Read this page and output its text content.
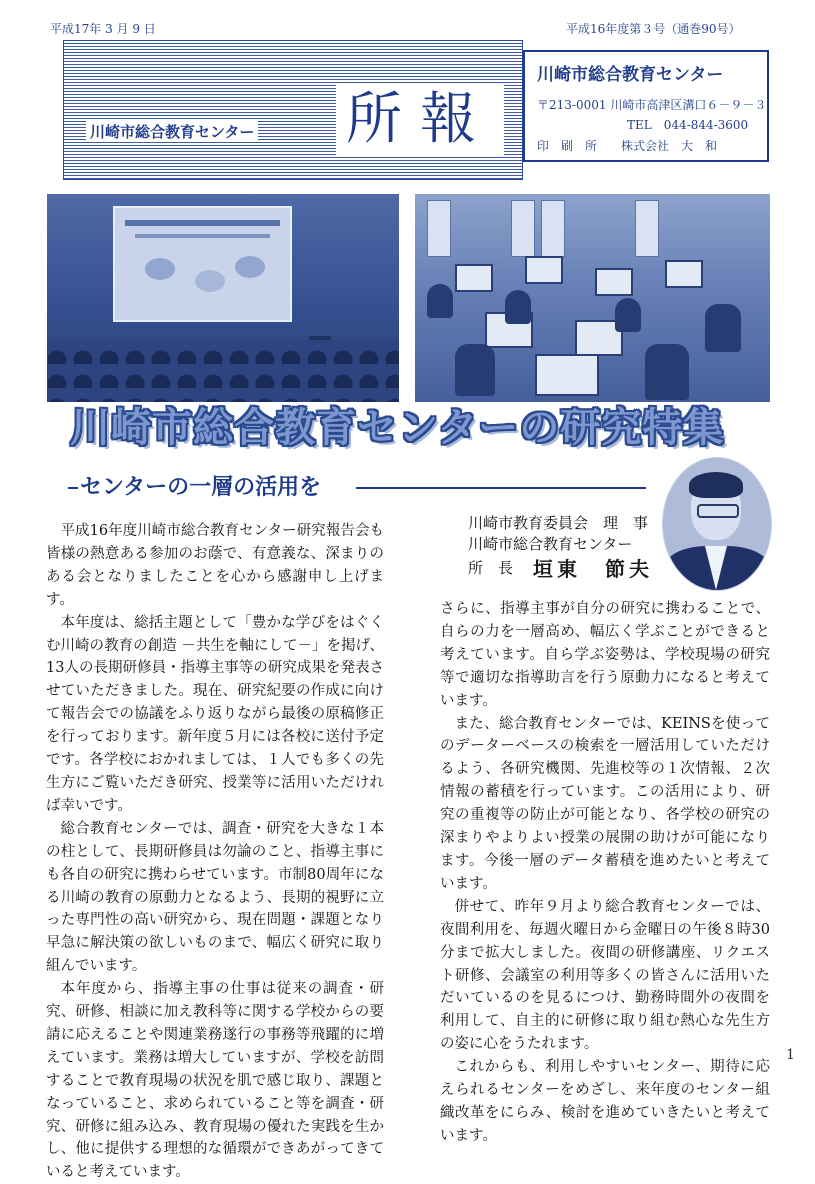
平成17年 3 月 9 日	平成16年度第３号（通巻90号）
川崎市総合教育センター 所報
川崎市総合教育センター
〒213-0001 川崎市高津区溝口６－９－３
TEL　044-844-3600
印　刷　所　　株式会社　大　和
川崎市総合教育センターの研究特集
センターの一層の活用を
川崎市教育委員会　理　事
川崎市総合教育センター
所　長 垣東　節夫

平成16年度川崎市総合教育センター研究報告会も皆様の熱意ある参加のお蔭で、有意義な、深まりのある会となりましたことを心から感謝申し上げます。

本年度は、総括主題として「豊かな学びをはぐくむ川崎の教育の創造 －共生を軸にして－」を掲げ、13人の長期研修員・指導主事等の研究成果を発表させていただきました。現在、研究紀要の作成に向けて報告会での協議をふり返りながら最後の原稿修正を行っております。新年度５月には各校に送付予定です。各学校におかれましては、１人でも多くの先生方にご覧いただき研究、授業等に活用いただければ幸いです。

総合教育センターでは、調査・研究を大きな１本の柱として、長期研修員は勿論のこと、指導主事にも各自の研究に携わらせています。市制80周年になる川崎の教育の原動力となるよう、長期的視野に立った専門性の高い研究から、現在問題・課題となり早急に解決策の欲しいものまで、幅広く研究に取り組んでいます。

本年度から、指導主事の仕事は従来の調査・研究、研修、相談に加え教科等に関する学校からの要請に応えることや関連業務遂行の事務等飛躍的に増えています。業務は増大していますが、学校を訪問することで教育現場の状況を肌で感じ取り、課題となっていること、求められていること等を調査・研究、研修に組み込み、教育現場の優れた実践を生かし、他に提供する理想的な循環ができあがってきていると考えています。

さらに、指導主事が自分の研究に携わることで、自らの力を一層高め、幅広く学ぶことができると考えています。自ら学ぶ姿勢は、学校現場の研究等で適切な指導助言を行う原動力になると考えています。

また、総合教育センターでは、KEINSを使ってのデーターベースの検索を一層活用していただけるよう、各研究機関、先進校等の１次情報、２次情報の蓄積を行っています。この活用により、研究の重複等の防止が可能となり、各学校の研究の深まりやよりよい授業の展開の助けが可能になります。今後一層のデータ蓄積を進めたいと考えています。

併せて、昨年９月より総合教育センターでは、夜間利用を、毎週火曜日から金曜日の午後８時30分まで拡大しました。夜間の研修講座、リクエスト研修、会議室の利用等多くの皆さんに活用いただいているのを見るにつけ、勤務時間外の夜間を利用して、自主的に研修に取り組む熱心な先生方の姿に心をうたれます。

これからも、利用しやすいセンター、期待に応えられるセンターをめざし、来年度のセンター組織改革をにらみ、検討を進めていきたいと考えています。

1
